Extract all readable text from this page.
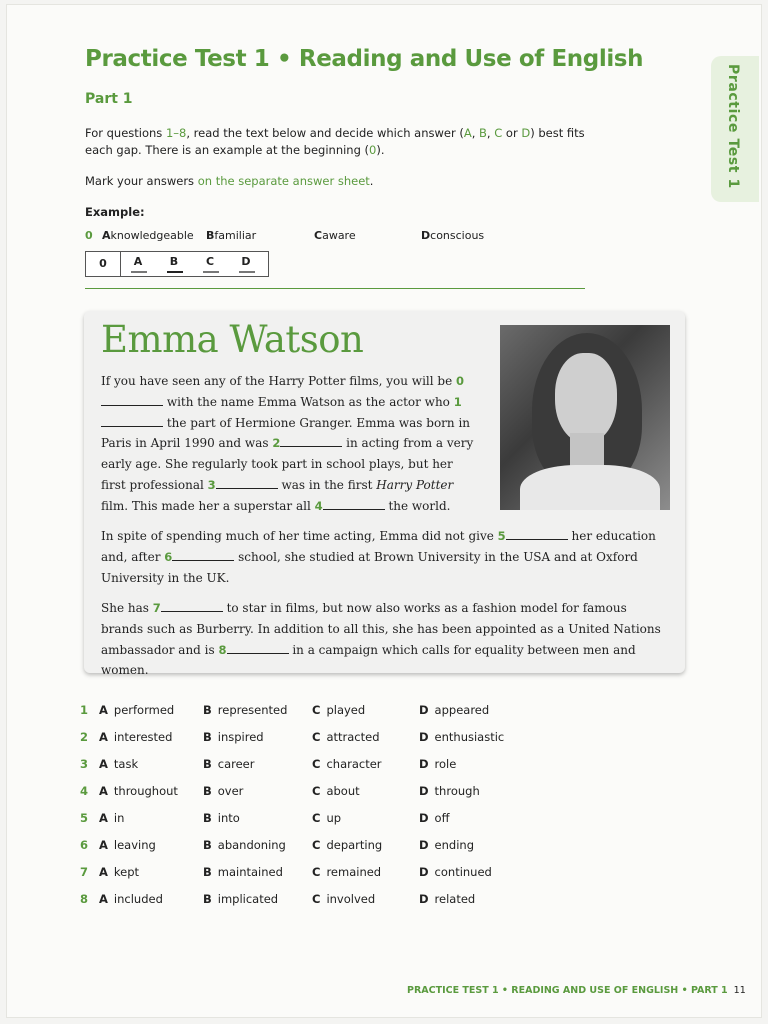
Practice Test 1 • Reading and Use of English
Part 1	Practice Test 1
For questions 1–8, read the text below and decide which answer (A, B, C or D) best fits each gap. There is an example at the beginning (0).
Mark your answers on the separate answer sheet.
Example:
0 Aknowledgeable Bfamiliar	Caware	Dconscious
0	A	B	C	D
Emma Watson
If you have seen any of the Harry Potter films, you will be 0 with the name Emma Watson as the actor who 1 the part of Hermione Granger. Emma was born in Paris in April 1990 and was 2	in acting from a very early age. She regularly took part in school plays, but her first professional 3	was in the first Harry Potter film. This made her a superstar all 4	the world.
In spite of spending much of her time acting, Emma did not give 5	her education and, after 6	school, she studied at Brown University in the USA and at Oxford University in the UK.
She has 7	to star in films, but now also works as a fashion model for famous brands such as Burberry. In addition to all this, she has been appointed as a United Nations ambassador and is 8	in a campaign which calls for equality between men and women.
1 A performed	B represented C played	D appeared
2 A interested	B inspired	C attracted	D enthusiastic
3 A task	B career	C character	D role
4 A throughout B over	C about	D through
5 A in	B into	C up	D off
6 A leaving	B abandoning C departing	D ending
7 A kept	B maintained	C remained	D continued
8 A included	B implicated	C involved	D related
PRACTICE TEST 1 • READING AND USE OF ENGLISH • PART 1 11
